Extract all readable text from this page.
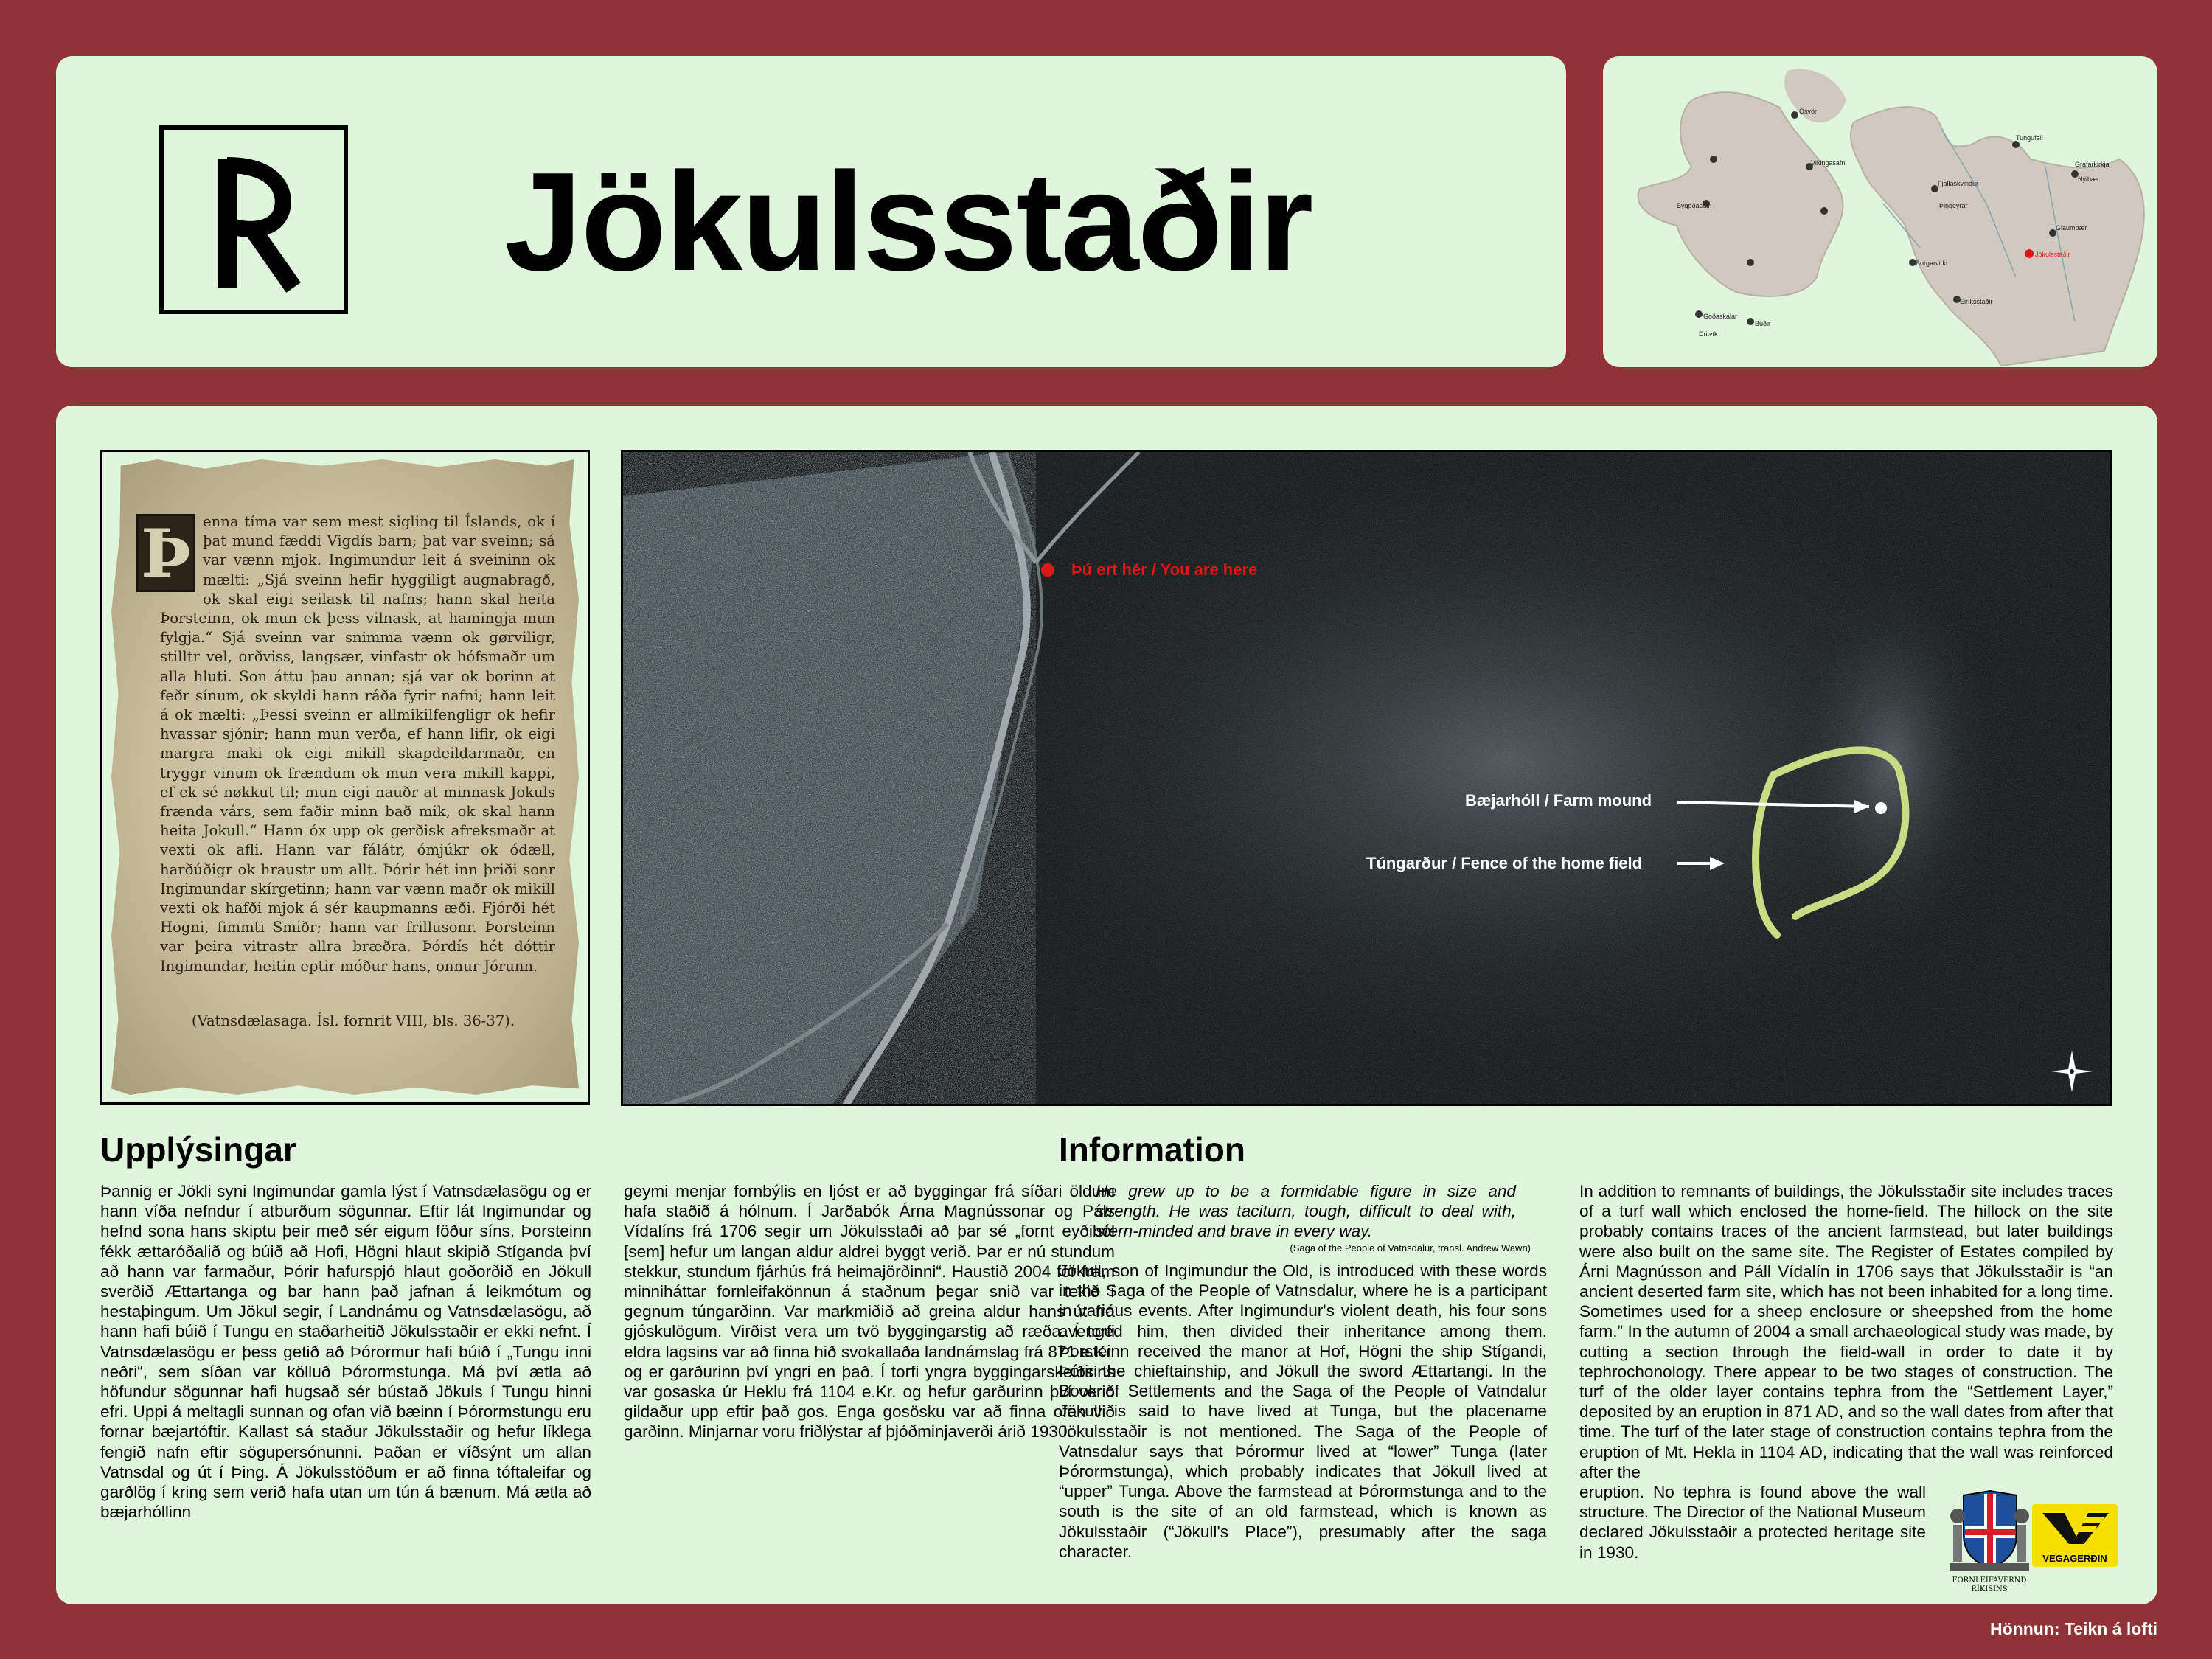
Jökulsstaðir
Ósvör
Vikingasafn
Byggðasafn
Grafarkirkja
Fjallaskvindur
Glaumbær
Nýibær
Eiríksstaðir
Goðaskálar
Dritvík
Búðir
Tungufell
Borgarvirki
Þingeyrar
Jökulsstaðir
Þ enna tíma var sem mest sigling til Íslands, ok í þat mund fæddi Vigdís barn; þat var sveinn; sá var vænn mjok. Ingimundur leit á sveininn ok mælti: „Sjá sveinn hefir hyggiligt augnabragð, ok skal eigi seilask til nafns; hann skal heita Þorsteinn, ok mun ek þess vilnask, at hamingja mun fylgja.“ Sjá sveinn var snimma vænn ok gørviligr, stilltr vel, orðviss, langsær, vinfastr ok hófsmaðr um alla hluti. Son áttu þau annan; sjá var ok borinn at feðr sínum, ok skyldi hann ráða fyrir nafni; hann leit á ok mælti: „Þessi sveinn er allmikilfengligr ok hefir hvassar sjónir; hann mun verða, ef hann lifir, ok eigi margra maki ok eigi mikill skapdeildarmaðr, en tryggr vinum ok frændum ok mun vera mikill kappi, ef ek sé nøkkut til; mun eigi nauðr at minnask Jokuls frænda várs, sem faðir minn bað mik, ok skal hann heita Jokull.“ Hann óx upp ok gerðisk afreksmaðr at vexti ok afli. Hann var fálátr, ómjúkr ok ódæll, harðúðigr ok hraustr um allt. Þórir hét inn þriði sonr Ingimundar skírgetinn; hann var vænn maðr ok mikill vexti ok hafði mjok á sér kaupmanns æði. Fjórði hét Hogni, fimmti Smiðr; hann var frillusonr. Þorsteinn var þeira vitrastr allra bræðra. Þórdís hét dóttir Ingimundar, heitin eptir móður hans, onnur Jórunn.
(Vatnsdælasaga. Ísl. fornrit VIII, bls. 36-37).
Þú ert hér / You are here
Bæjarhóll / Farm mound
Túngarður / Fence of the home field
Upplýsingar
Þannig er Jökli syni Ingimundar gamla lýst í Vatnsdælasögu og er hann víða nefndur í atburðum sögunnar. Eftir lát Ingimundar og hefnd sona hans skiptu þeir með sér eigum föður síns. Þorsteinn fékk ættaróðalið og búið að Hofi, Högni hlaut skipið Stíganda því að hann var farmaður, Þórir hafurspjó hlaut goðorðið en Jökull sverðið Ættartanga og bar hann það jafnan á leikmótum og hestaþingum. Um Jökul segir, í Landnámu og Vatnsdælasögu, að hann hafi búið í Tungu en staðarheitið Jökulsstaðir er ekki nefnt. Í Vatnsdælasögu er þess getið að Þórormur hafi búið í „Tungu inni neðri“, sem síðan var kölluð Þórormstunga. Má því ætla að höfundur sögunnar hafi hugsað sér bústað Jökuls í Tungu hinni efri. Uppi á meltagli sunnan og ofan við bæinn í Þórormstungu eru fornar bæjartóftir. Kallast sá staður Jökulsstaðir og hefur líklega fengið nafn eftir sögupersónunni. Þaðan er víðsýnt um allan Vatnsdal og út í Þing. Á Jökulsstöðum er að finna tóftaleifar og garðlög í kring sem verið hafa utan um tún á bænum. Má ætla að bæjarhóllinn
geymi menjar fornbýlis en ljóst er að byggingar frá síðari öldum hafa staðið á hólnum. Í Jarðabók Árna Magnússonar og Páls Vídalíns frá 1706 segir um Jökulsstaði að þar sé „fornt eyðiból [sem] hefur um langan aldur aldrei byggt verið. Þar er nú stundum stekkur, stundum fjárhús frá heimajörðinni“. Haustið 2004 fór fram minniháttar fornleifakönnun á staðnum þegar snið var tekið í gegnum túngarðinn. Var markmiðið að greina aldur hans út frá gjóskulögum. Virðist vera um tvö byggingarstig að ræða. Í torfi eldra lagsins var að finna hið svokallaða landnámslag frá 871 e.Kr. og er garðurinn því yngri en það. Í torfi yngra byggingarskeiðsins var gosaska úr Heklu frá 1104 e.Kr. og hefur garðurinn því verið gildaður upp eftir það gos. Enga gosösku var að finna ofan við garðinn. Minjarnar voru friðlýstar af þjóðminjaverði árið 1930.
Information
He grew up to be a formidable figure in size and strength. He was taciturn, tough, difficult to deal with, stern-minded and brave in every way.
(Saga of the People of Vatnsdalur, transl. Andrew Wawn)
Jökull, son of Ingimundur the Old, is introduced with these words in the Saga of the People of Vatnsdalur, where he is a participant in various events. After Ingimundur's violent death, his four sons avenged him, then divided their inheritance among them. Þorsteinn received the manor at Hof, Högni the ship Stígandi, Þórir the chieftainship, and Jökull the sword Ættartangi. In the Book of Settlements and the Saga of the People of Vatndalur Jökull is said to have lived at Tunga, but the placename Jökulsstaðir is not mentioned. The Saga of the People of Vatnsdalur says that Þórormur lived at “lower” Tunga (later Þórormstunga), which probably indicates that Jökull lived at “upper” Tunga. Above the farmstead at Þórormstunga and to the south is the site of an old farmstead, which is known as Jökulsstaðir (“Jökull's Place”), presumably after the saga character.
In addition to remnants of buildings, the Jökulsstaðir site includes traces of a turf wall which enclosed the home-field. The hillock on the site probably contains traces of the ancient farmstead, but later buildings were also built on the same site. The Register of Estates compiled by Árni Magnússon and Páll Vídalín in 1706 says that Jökulsstaðir is “an ancient deserted farm site, which has not been inhabited for a long time. Sometimes used for a sheep enclosure or sheepshed from the home farm.” In the autumn of 2004 a small archaeological study was made, by cutting a section through the field-wall in order to date it by tephrochonology. There appear to be two stages of construction. The turf of the older layer contains tephra from the “Settlement Layer,” deposited by an eruption in 871 AD, and so the wall dates from after that time. The turf of the later stage of construction contains tephra from the eruption of Mt. Hekla in 1104 AD, indicating that the wall was reinforced after the
eruption. No tephra is found above the wall structure. The Director of the National Museum declared Jökulsstaðir a protected heritage site in 1930.
FORNLEIFAVERND RÍKISINS
VEGAGERÐIN
Hönnun: Teikn á lofti
